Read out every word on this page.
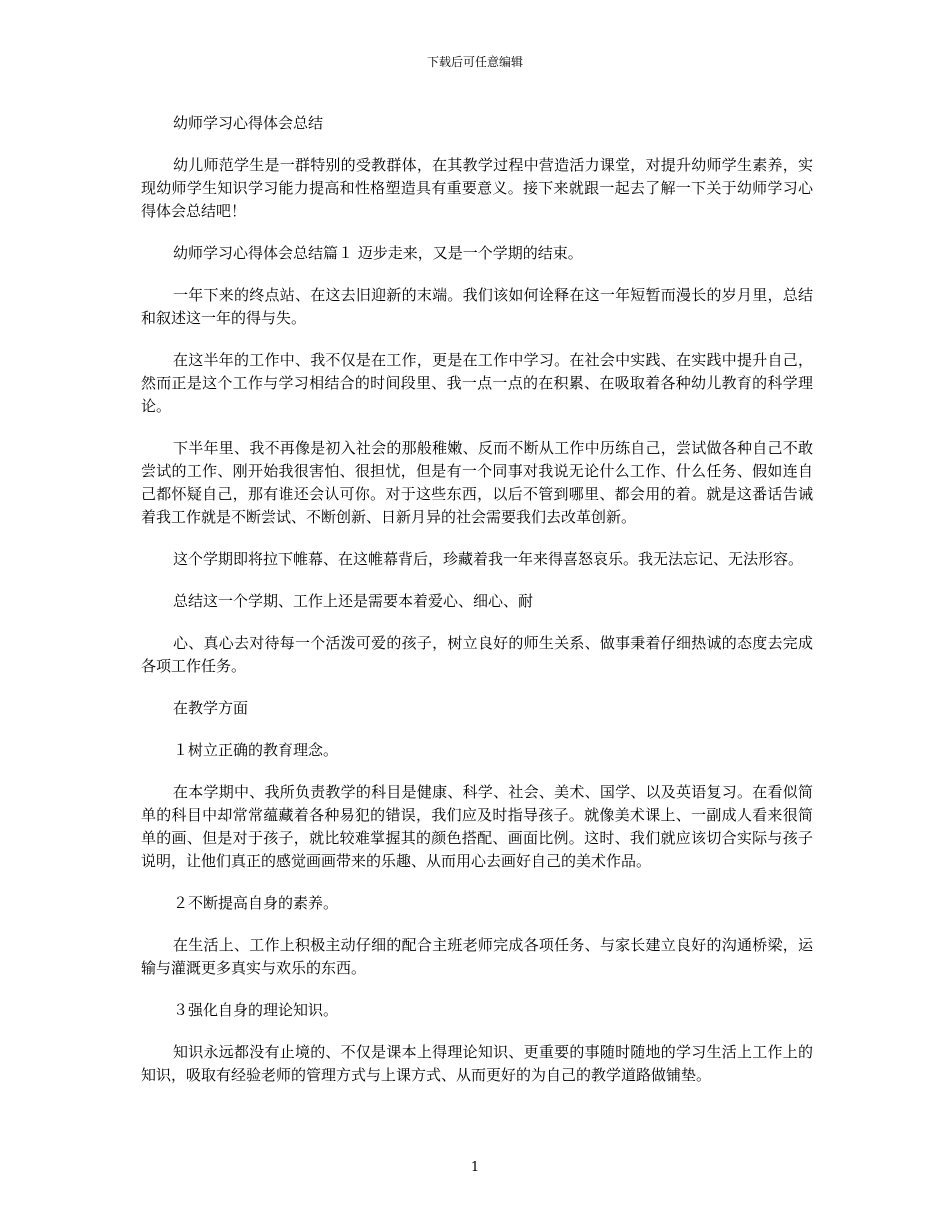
下载后可任意编辑

幼师学习心得体会总结

幼儿师范学生是一群特别的受教群体，在其教学过程中营造活力课堂，对提升幼师学生素养，实现幼师学生知识学习能力提高和性格塑造具有重要意义。接下来就跟一起去了解一下关于幼师学习心得体会总结吧！

幼师学习心得体会总结篇１ 迈步走来，又是一个学期的结束。

一年下来的终点站、在这去旧迎新的末端。我们该如何诠释在这一年短暂而漫长的岁月里，总结和叙述这一年的得与失。

在这半年的工作中、我不仅是在工作，更是在工作中学习。在社会中实践、在实践中提升自己，然而正是这个工作与学习相结合的时间段里、我一点一点的在积累、在吸取着各种幼儿教育的科学理论。

下半年里、我不再像是初入社会的那般稚嫩、反而不断从工作中历练自己，尝试做各种自己不敢尝试的工作、刚开始我很害怕、很担忧，但是有一个同事对我说无论什么工作、什么任务、假如连自己都怀疑自己，那有谁还会认可你。对于这些东西，以后不管到哪里、都会用的着。就是这番话告诫着我工作就是不断尝试、不断创新、日新月异的社会需要我们去改革创新。

这个学期即将拉下帷幕、在这帷幕背后，珍藏着我一年来得喜怒哀乐。我无法忘记、无法形容。

总结这一个学期、工作上还是需要本着爱心、细心、耐

心、真心去对待每一个活泼可爱的孩子，树立良好的师生关系、做事秉着仔细热诚的态度去完成各项工作任务。

在教学方面

１树立正确的教育理念。

在本学期中、我所负责教学的科目是健康、科学、社会、美术、国学、以及英语复习。在看似简单的科目中却常常蕴藏着各种易犯的错误，我们应及时指导孩子。就像美术课上、一副成人看来很简单的画、但是对于孩子，就比较难掌握其的颜色搭配、画面比例。这时、我们就应该切合实际与孩子说明，让他们真正的感觉画画带来的乐趣、从而用心去画好自己的美术作品。

２不断提高自身的素养。

在生活上、工作上积极主动仔细的配合主班老师完成各项任务、与家长建立良好的沟通桥梁，运输与灌溉更多真实与欢乐的东西。

３强化自身的理论知识。

知识永远都没有止境的、不仅是课本上得理论知识、更重要的事随时随地的学习生活上工作上的知识，吸取有经验老师的管理方式与上课方式、从而更好的为自己的教学道路做铺垫。

1
